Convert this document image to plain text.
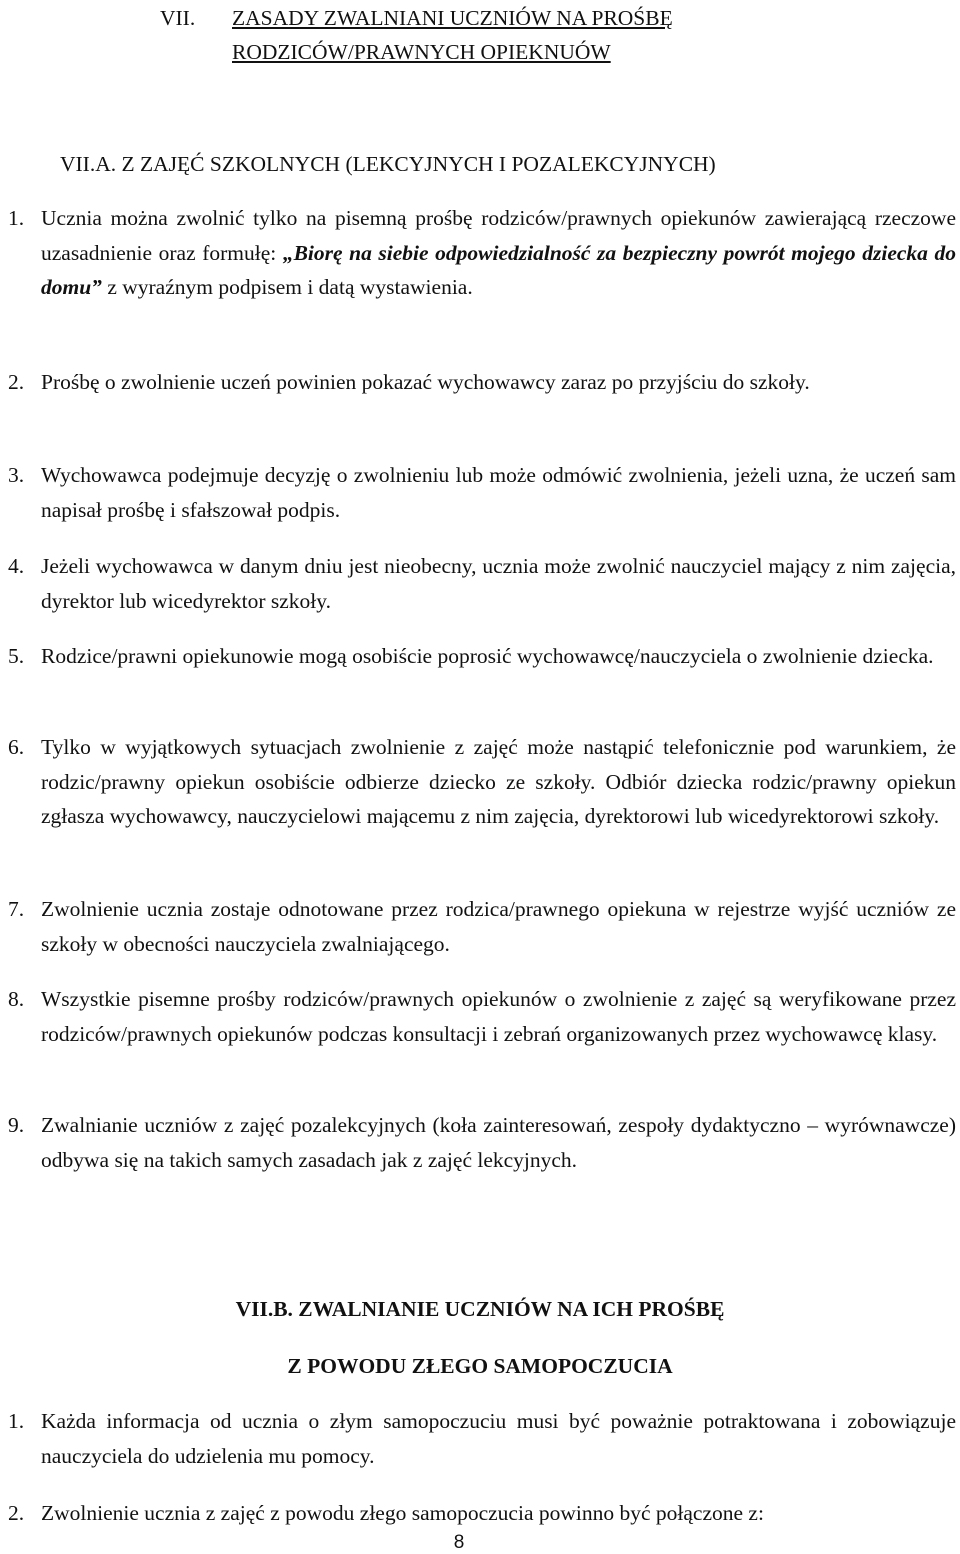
VII. ZASADY ZWALNIANI UCZNIÓW NA PROŚBĘ
RODZICÓW/PRAWNYCH OPIEKNUÓW
VII.A. Z ZAJĘĆ SZKOLNYCH (LEKCYJNYCH I POZALEKCYJNYCH)
1. Ucznia można zwolnić tylko na pisemną prośbę rodziców/prawnych opiekunów zawierającą rzeczowe uzasadnienie oraz formułę: „Biorę na siebie odpowiedzialność za bezpieczny powrót mojego dziecka do domu” z wyraźnym podpisem i datą wystawienia.
2. Prośbę o zwolnienie uczeń powinien pokazać wychowawcy zaraz po przyjściu do szkoły.
3. Wychowawca podejmuje decyzję o zwolnieniu lub może odmówić zwolnienia, jeżeli uzna, że uczeń sam napisał prośbę i sfałszował podpis.
4. Jeżeli wychowawca w danym dniu jest nieobecny, ucznia może zwolnić nauczyciel mający z nim zajęcia, dyrektor lub wicedyrektor szkoły.
5. Rodzice/prawni opiekunowie mogą osobiście poprosić wychowawcę/nauczyciela o zwolnienie dziecka.
6. Tylko w wyjątkowych sytuacjach zwolnienie z zajęć może nastąpić telefonicznie pod warunkiem, że rodzic/prawny opiekun osobiście odbierze dziecko ze szkoły. Odbiór dziecka rodzic/prawny opiekun zgłasza wychowawcy, nauczycielowi mającemu z nim zajęcia, dyrektorowi lub wicedyrektorowi szkoły.
7. Zwolnienie ucznia zostaje odnotowane przez rodzica/prawnego opiekuna w rejestrze wyjść uczniów ze szkoły w obecności nauczyciela zwalniającego.
8. Wszystkie pisemne prośby rodziców/prawnych opiekunów o zwolnienie z zajęć są weryfikowane przez rodziców/prawnych opiekunów podczas konsultacji i zebrań organizowanych przez wychowawcę klasy.
9. Zwalnianie uczniów z zajęć pozalekcyjnych (koła zainteresowań, zespoły dydaktyczno – wyrównawcze) odbywa się na takich samych zasadach jak z zajęć lekcyjnych.
VII.B. ZWALNIANIE UCZNIÓW NA ICH PROŚBĘ
Z POWODU ZŁEGO SAMOPOCZUCIA
1. Każda informacja od ucznia o złym samopoczuciu musi być poważnie potraktowana i zobowiązuje nauczyciela do udzielenia mu pomocy.
2. Zwolnienie ucznia z zajęć z powodu złego samopoczucia powinno być połączone z:
8
